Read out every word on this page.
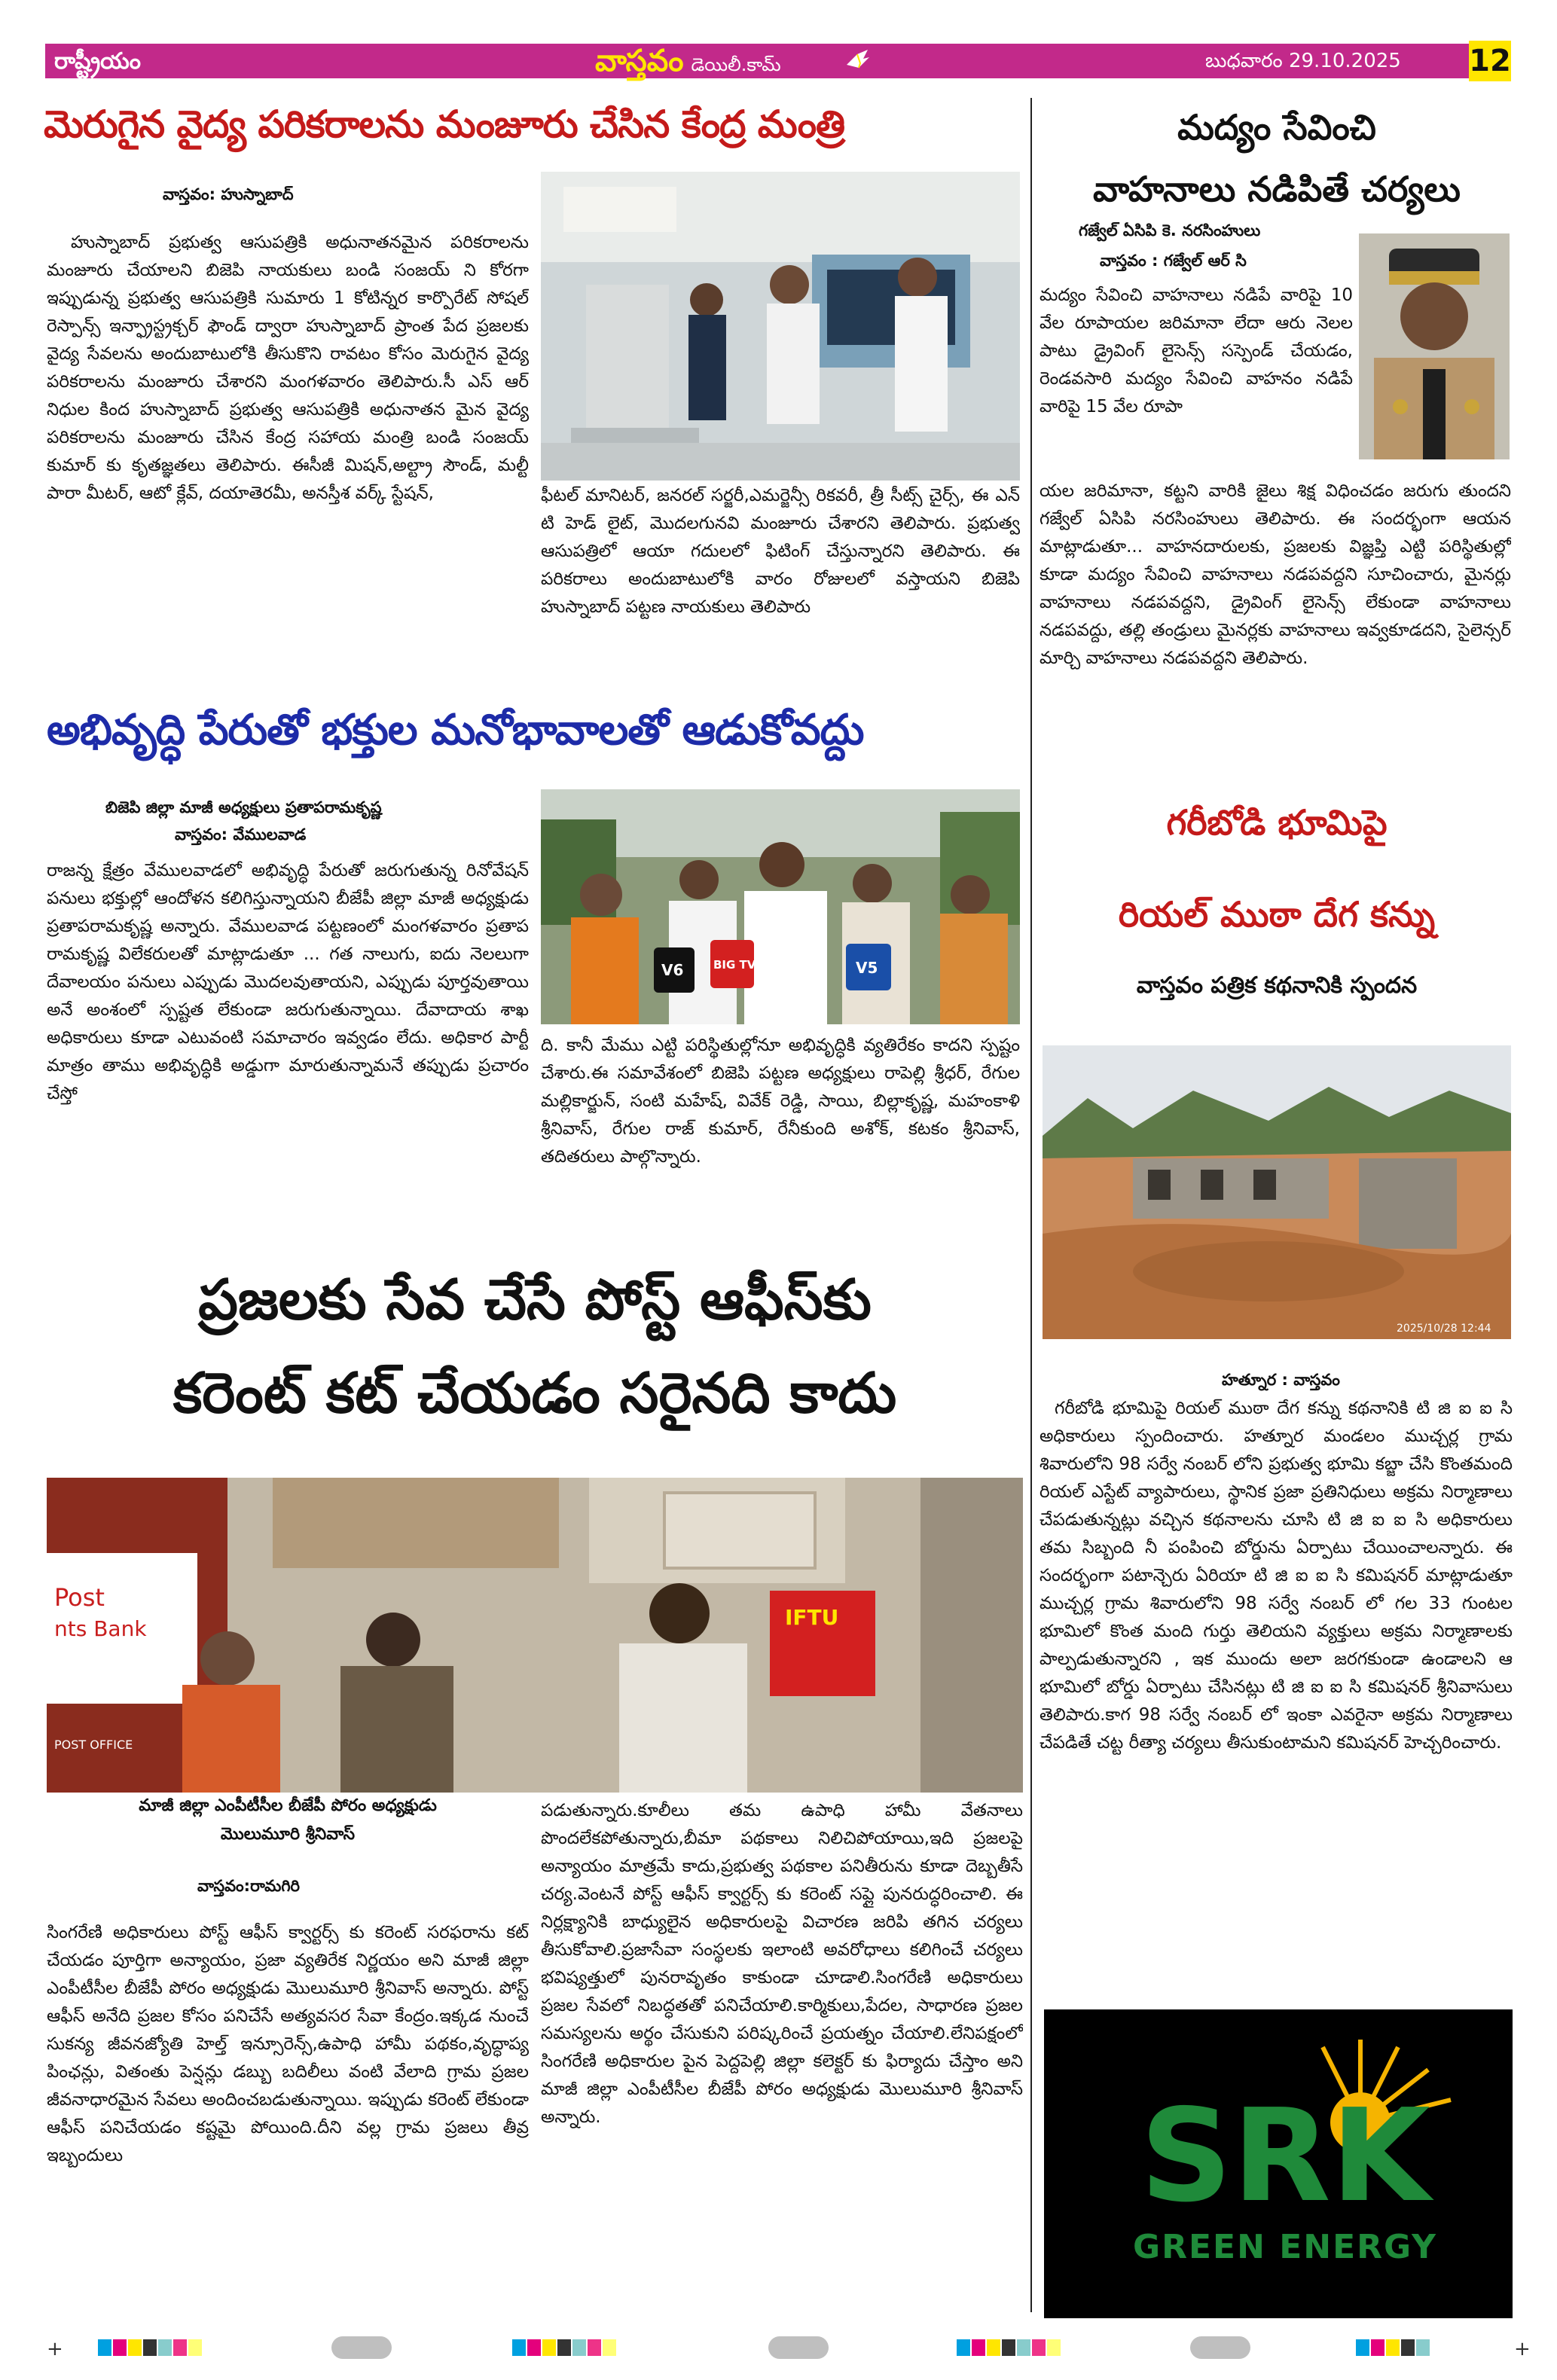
రాష్ట్రీయం	వాస్తవం డెయిలీ.కామ్	బుధవారం 29.10.2025 12
మెరుగైన వైద్య పరికరాలను మంజూరు చేసిన కేంద్ర మంత్రి
వాస్తవం: హుస్నాబాద్
హుస్నాబాద్ ప్రభుత్వ ఆసుపత్రికి అధునాతనమైన పరికరాలను మంజూరు చేయాలని బిజెపి నాయకులు బండి సంజయ్ ని కోరగా ఇప్పుడున్న ప్రభుత్వ ఆసుపత్రికి సుమారు 1 కోటిన్నర కార్పొరేట్ సోషల్ రెస్పాన్స్ ఇన్ఫ్రాస్ట్రక్చర్ ఫౌండ్ ద్వారా హుస్నాబాద్ ప్రాంత పేద ప్రజలకు వైద్య సేవలను అందుబాటులోకి తీసుకొని రావటం కోసం మెరుగైన వైద్య పరికరాలను మంజూరు చేశారని మంగళవారం తెలిపారు.సీ ఎస్ ఆర్ నిధుల కింద హుస్నాబాద్ ప్రభుత్వ ఆసుపత్రికి అధునాతన మైన వైద్య పరికరాలను మంజూరు చేసిన కేంద్ర సహాయ మంత్రి బండి సంజయ్ కుమార్ కు కృతజ్ఞతలు తెలిపారు. ఈసీజీ మిషన్,అల్ట్రా సౌండ్, మల్టీ పారా మీటర్, ఆటో క్లేవ్, దయాతెరమీ, అనస్తీశ వర్క్ స్టేషన్,	ఫీటల్ మానిటర్, జనరల్ సర్జరీ,ఎమర్జెన్సీ రికవరీ, త్రీ సీట్స్ చైర్స్, ఈ ఎన్ టి హెడ్ లైట్, మొదలగునవి మంజూరు చేశారని తెలిపారు. ప్రభుత్వ ఆసుపత్రిలో ఆయా గదులలో ఫిటింగ్ చేస్తున్నారని తెలిపారు. ఈ పరికరాలు అందుబాటులోకి వారం రోజులలో వస్తాయని బిజెపి హుస్నాబాద్ పట్టణ నాయకులు తెలిపారు
అభివృద్ధి పేరుతో భక్తుల మనోభావాలతో ఆడుకోవద్దు
బిజెపి జిల్లా మాజీ అధ్యక్షులు ప్రతాపరామకృష్ణ
వాస్తవం: వేములవాడ
రాజన్న క్షేత్రం వేములవాడలో అభివృద్ధి పేరుతో జరుగుతున్న రినోవేషన్ పనులు భక్తుల్లో ఆందోళన కలిగిస్తున్నాయని బీజేపీ జిల్లా మాజీ అధ్యక్షుడు ప్రతాపరామకృష్ణ అన్నారు. వేములవాడ పట్టణంలో మంగళవారం ప్రతాప రామకృష్ణ విలేకరులతో మాట్లాడుతూ ... గత నాలుగు, ఐదు నెలలుగా దేవాలయం పనులు ఎప్పుడు మొదలవుతాయని, ఎప్పుడు పూర్తవుతాయి అనే అంశంలో స్పష్టత లేకుండా జరుగుతున్నాయి. దేవాదాయ శాఖ అధికారులు కూడా ఎటువంటి సమాచారం ఇవ్వడం లేదు. అధికార పార్టీ మాత్రం తాము అభివృద్ధికి అడ్డుగా మారుతున్నామనే తప్పుడు ప్రచారం చేస్తో
V6	BIG TV	V5
ది. కానీ మేము ఎట్టి పరిస్థితుల్లోనూ అభివృద్ధికి వ్యతిరేకం కాదని స్పష్టం చేశారు.ఈ సమావేశంలో బిజెపి పట్టణ అధ్యక్షులు రాపెల్లి శ్రీధర్, రేగుల మల్లికార్జున్, సంటి మహేష్, వివేక్ రెడ్డి, సాయి, బిల్లాకృష్ణ, మహంకాళి శ్రీనివాస్, రేగుల రాజ్ కుమార్, రేనీకుంది అశోక్, కటకం శ్రీనివాస్, తదితరులు పాల్గొన్నారు.
ప్రజలకు సేవ చేసే పోస్ట్ ఆఫీస్‌కు
కరెంట్ కట్ చేయడం సరైనది కాదు
Post
nts Bank
POST OFFICE
IFTU
మాజీ జిల్లా ఎంపీటీసీల బీజేపీ పోరం అధ్యక్షుడు
మొలుమూరి శ్రీనివాస్
వాస్తవం:రామగిరి
సింగరేణి అధికారులు పోస్ట్ ఆఫీస్ క్వార్టర్స్ కు కరెంట్ సరఫరాను కట్ చేయడం పూర్తిగా అన్యాయం, ప్రజా వ్యతిరేక నిర్ణయం అని మాజీ జిల్లా ఎంపీటీసీల బీజేపీ పోరం అధ్యక్షుడు మొలుమూరి శ్రీనివాస్ అన్నారు. పోస్ట్ ఆఫీస్ అనేది ప్రజల కోసం పనిచేసే అత్యవసర సేవా కేంద్రం.ఇక్కడ నుంచే సుకన్య జీవనజ్యోతి హెల్త్ ఇన్సూరెన్స్,ఉపాధి హామీ పథకం,వృద్ధాప్య పింఛన్లు, వితంతు పెన్షన్లు డబ్బు బదిలీలు వంటి వేలాది గ్రామ ప్రజల జీవనాధారమైన సేవలు అందించబడుతున్నాయి. ఇప్పుడు కరెంట్ లేకుండా ఆఫీస్ పనిచేయడం కష్టమై పోయింది.దీని వల్ల గ్రామ ప్రజలు తీవ్ర ఇబ్బందులు
పడుతున్నారు.కూలీలు తమ ఉపాధి హామీ వేతనాలు పొందలేకపోతున్నారు,బీమా పథకాలు నిలిచిపోయాయి,ఇది ప్రజలపై అన్యాయం మాత్రమే కాదు,ప్రభుత్వ పథకాల పనితీరును కూడా దెబ్బతీసే చర్య.వెంటనే పోస్ట్ ఆఫీస్ క్వార్టర్స్ కు కరెంట్ సప్లై పునరుద్ధరించాలి. ఈ నిర్లక్ష్యానికి బాధ్యులైన అధికారులపై విచారణ జరిపి తగిన చర్యలు తీసుకోవాలి.ప్రజాసేవా సంస్థలకు ఇలాంటి అవరోధాలు కలిగించే చర్యలు భవిష్యత్తులో పునరావృతం కాకుండా చూడాలి.సింగరేణి అధికారులు ప్రజల సేవలో నిబద్ధతతో పనిచేయాలి.కార్మికులు,పేదల, సాధారణ ప్రజల సమస్యలను అర్థం చేసుకుని పరిష్కరించే ప్రయత్నం చేయాలి.లేనిపక్షంలో సింగరేణి అధికారుల పైన పెద్దపెల్లి జిల్లా కలెక్టర్ కు ఫిర్యాదు చేస్తాం అని మాజీ జిల్లా ఎంపీటీసీల బీజేపీ పోరం అధ్యక్షుడు మొలుమూరి శ్రీనివాస్ అన్నారు.
మద్యం సేవించి
వాహనాలు నడిపితే చర్యలు
గజ్వేల్ ఏసిపి కె. నరసింహులు
వాస్తవం : గజ్వేల్ ఆర్ సి
మద్యం సేవించి వాహనాలు నడిపే వారిపై 10 వేల రూపాయల జరిమానా లేదా ఆరు నెలల పాటు డ్రైవింగ్ లైసెన్స్ సస్పెండ్ చేయడం, రెండవసారి మద్యం సేవించి వాహనం నడిపే వారిపై 15 వేల రూపా
యల జరిమానా, కట్టని వారికి జైలు శిక్ష విధించడం జరుగు తుందని గజ్వేల్ ఏసిపి నరసింహులు తెలిపారు. ఈ సందర్భంగా ఆయన మాట్లాడుతూ... వాహనదారులకు, ప్రజలకు విజ్ఞప్తి ఎట్టి పరిస్థితుల్లో కూడా మద్యం సేవించి వాహనాలు నడపవద్దని సూచించారు, మైనర్లు వాహనాలు నడపవద్దని, డ్రైవింగ్ లైసెన్స్ లేకుండా వాహనాలు నడపవద్దు, తల్లి తండ్రులు మైనర్లకు వాహనాలు ఇవ్వకూడదని, సైలెన్సర్ మార్చి వాహనాలు నడపవద్దని తెలిపారు.
గరీబోడి భూమిపై
రియల్ ముఠా దేగ కన్ను
వాస్తవం పత్రిక కథనానికి స్పందన
2025/10/28 12:44
హత్నూర : వాస్తవం
గరీబోడి భూమిపై రియల్ ముఠా దేగ కన్ను కథనానికి టి జి ఐ ఐ సి అధికారులు స్పందించారు. హత్నూర మండలం ముచ్చర్ల గ్రామ శివారులోని 98 సర్వే నంబర్ లోని ప్రభుత్వ భూమి కబ్జా చేసి కొంతమంది రియల్ ఎస్టేట్ వ్యాపారులు, స్థానిక ప్రజా ప్రతినిధులు అక్రమ నిర్మాణాలు చేపడుతున్నట్లు వచ్చిన కథనాలను చూసి టి జి ఐ ఐ సి అధికారులు తమ సిబ్బంది నీ పంపించి బోర్డును ఏర్పాటు చేయించాలన్నారు. ఈ సందర్భంగా పటాన్చెరు ఏరియా టి జి ఐ ఐ సి కమిషనర్ మాట్లాడుతూ ముచ్చర్ల గ్రామ శివారులోని 98 సర్వే నంబర్ లో గల 33 గుంటల భూమిలో కొంత మంది గుర్తు తెలియని వ్యక్తులు అక్రమ నిర్మాణాలకు పాల్పడుతున్నారని , ఇక ముందు అలా జరగకుండా ఉండాలని ఆ భూమిలో బోర్డు ఏర్పాటు చేసినట్లు టి జి ఐ ఐ సి కమిషనర్ శ్రీనివాసులు తెలిపారు.కాగ 98 సర్వే నంబర్ లో ఇంకా ఎవరైనా అక్రమ నిర్మాణాలు చేపడితే చట్ట రీత్యా చర్యలు తీసుకుంటామని కమిషనర్ హెచ్చరించారు.
SRK
GREEN ENERGY
+	+
